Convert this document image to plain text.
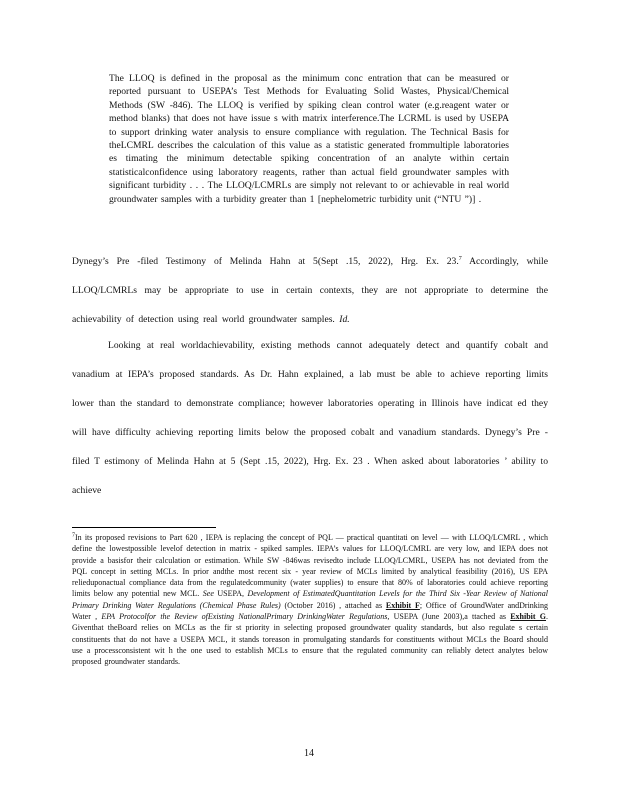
The LLOQ is defined in the proposal as the minimum conc entration that can be measured or reported pursuant to USEPA’s Test Methods for Evaluating Solid Wastes, Physical/Chemical Methods (SW -846). The LLOQ is verified by spiking clean control water (e.g.reagent water or method blanks) that does not have issue s with matrix interference.The LCRML is used by USEPA to support drinking water analysis to ensure compliance with regulation. The Technical Basis for theLCMRL describes the calculation of this value as a statistic generated frommultiple laboratories es timating the minimum detectable spiking concentration of an analyte within certain statisticalconfidence using laboratory reagents, rather than actual field groundwater samples with significant turbidity . . . The LLOQ/LCMRLs are simply not relevant to or achievable in real world groundwater samples with a turbidity greater than 1 [nephelometric turbidity unit (“NTU ”)] .
Dynegy’s Pre -filed Testimony of Melinda Hahn at 5(Sept .15, 2022), Hrg. Ex. 23.$^7$ Accordingly, while LLOQ/LCMRLs may be appropriate to use in certain contexts, they are not appropriate to determine the achievability of detection using real world groundwater samples. Id.
Looking at real worldachievability, existing methods cannot adequately detect and quantify cobalt and vanadium at IEPA’s proposed standards. As Dr. Hahn explained, a lab must be able to achieve reporting limits lower than the standard to demonstrate compliance; however laboratories operating in Illinois have indicat ed they will have difficulty achieving reporting limits below the proposed cobalt and vanadium standards. Dynegy’s Pre -filed T estimony of Melinda Hahn at 5 (Sept .15, 2022), Hrg. Ex. 23 . When asked about laboratories ’ ability to achieve
$^7$In its proposed revisions to Part 620 , IEPA is replacing the concept of PQL — practical quantitati on level — with LLOQ/LCMRL , which define the lowestpossible levelof detection in matrix - spiked samples. IEPA’s values for LLOQ/LCMRL are very low, and IEPA does not provide a basisfor their calculation or estimation. While SW -846was revisedto include LLOQ/LCMRL, USEPA has not deviated from the PQL concept in setting MCLs. In prior andthe most recent six - year review of MCLs limited by analytical feasibility (2016), US EPA relieduponactual compliance data from the regulatedcommunity (water supplies) to ensure that 80% of laboratories could achieve reporting limits below any potential new MCL. See USEPA, Development of EstimatedQuantitation Levels for the Third Six -Year Review of National Primary Drinking Water Regulations (Chemical Phase Rules) (October 2016) , attached as Exhibit F; Office of GroundWater andDrinking Water , EPA Protocolfor the Review ofExisting NationalPrimary DrinkingWater Regulations, USEPA (June 2003),a ttached as Exhibit G. Giventhat theBoard relies on MCLs as the fir st priority in selecting proposed groundwater quality standards, but also regulate s certain constituents that do not have a USEPA MCL, it stands toreason in promulgating standards for constituents without MCLs the Board should use a processconsistent wit h the one used to establish MCLs to ensure that the regulated community can reliably detect analytes below proposed groundwater standards.
14
